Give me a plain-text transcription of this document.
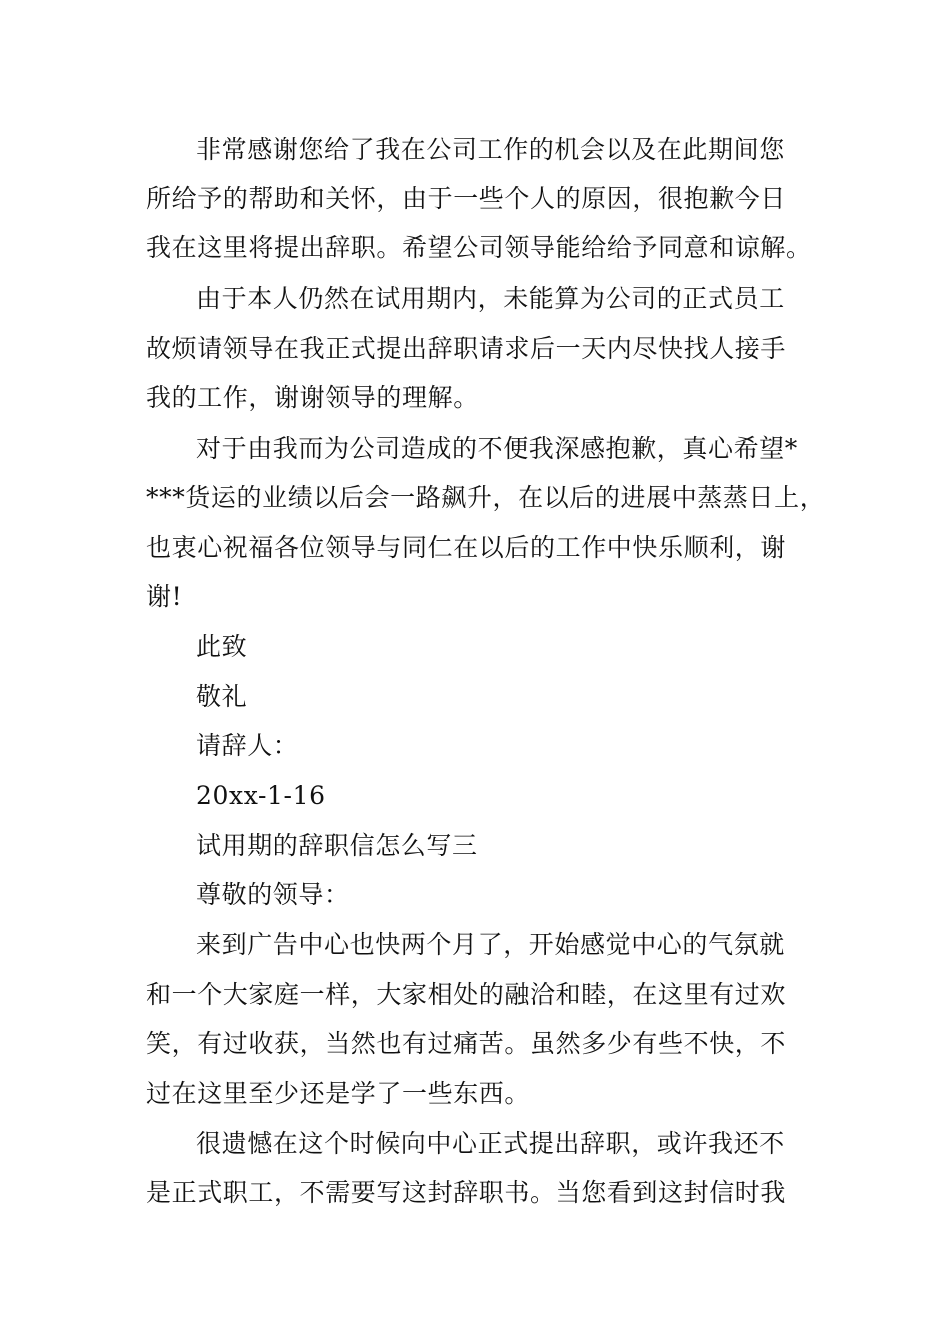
非常感谢您给了我在公司工作的机会以及在此期间您
所给予的帮助和关怀，由于一些个人的原因，很抱歉今日
我在这里将提出辞职。希望公司领导能给给予同意和谅解。
由于本人仍然在试用期内，未能算为公司的正式员工
故烦请领导在我正式提出辞职请求后一天内尽快找人接手
我的工作，谢谢领导的理解。
对于由我而为公司造成的不便我深感抱歉，真心希望*
***货运的业绩以后会一路飙升，在以后的进展中蒸蒸日上，
也衷心祝福各位领导与同仁在以后的工作中快乐顺利，谢
谢!
此致
敬礼
请辞人：
20xx-1-16
试用期的辞职信怎么写三
尊敬的领导：
来到广告中心也快两个月了，开始感觉中心的气氛就
和一个大家庭一样，大家相处的融洽和睦，在这里有过欢
笑，有过收获，当然也有过痛苦。虽然多少有些不快，不
过在这里至少还是学了一些东西。
很遗憾在这个时候向中心正式提出辞职，或许我还不
是正式职工，不需要写这封辞职书。当您看到这封信时我
